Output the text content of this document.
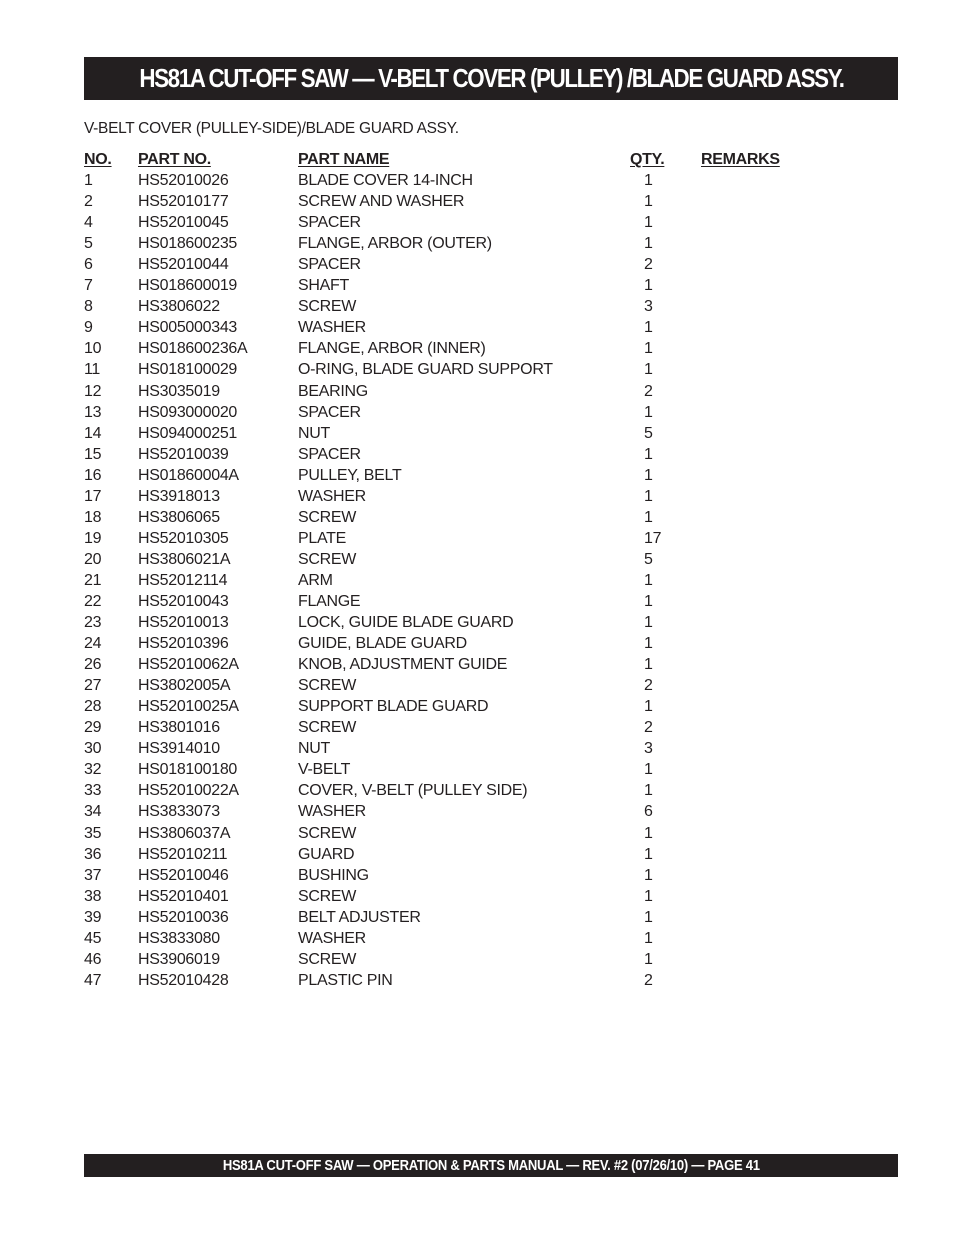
HS81A CUT-OFF SAW — V-BELT COVER (PULLEY) /BLADE GUARD ASSY.
V-BELT COVER (PULLEY-SIDE)/BLADE GUARD ASSY.
NO. PART NO.	PART NAME	QTY.	REMARKS
1	HS52010026	BLADE COVER 14-INCH	1
2	HS52010177	SCREW AND WASHER	1
4	HS52010045	SPACER	1
5	HS018600235	FLANGE, ARBOR (OUTER)	1
6	HS52010044	SPACER	2
7	HS018600019	SHAFT	1
8	HS3806022	SCREW	3
9	HS005000343	WASHER	1
10 HS018600236A	FLANGE, ARBOR (INNER)	1
11 HS018100029	O-RING, BLADE GUARD SUPPORT	1
12 HS3035019	BEARING	2
13 HS093000020	SPACER	1
14 HS094000251	NUT	5
15 HS52010039	SPACER	1
16 HS01860004A	PULLEY, BELT	1
17 HS3918013	WASHER	1
18 HS3806065	SCREW	1
19 HS52010305	PLATE	17
20 HS3806021A	SCREW	5
21 HS52012114	ARM	1
22 HS52010043	FLANGE	1
23 HS52010013	LOCK, GUIDE BLADE GUARD	1
24 HS52010396	GUIDE, BLADE GUARD	1
26 HS52010062A	KNOB, ADJUSTMENT GUIDE	1
27 HS3802005A	SCREW	2
28 HS52010025A	SUPPORT BLADE GUARD	1
29 HS3801016	SCREW	2
30 HS3914010	NUT	3
32 HS018100180	V-BELT	1
33 HS52010022A	COVER, V-BELT (PULLEY SIDE)	1
34 HS3833073	WASHER	6
35 HS3806037A	SCREW	1
36 HS52010211	GUARD	1
37 HS52010046	BUSHING	1
38 HS52010401	SCREW	1
39 HS52010036	BELT ADJUSTER	1
45 HS3833080	WASHER	1
46 HS3906019	SCREW	1
47 HS52010428	PLASTIC PIN	2
HS81A CUT-OFF SAW — OPERATION & PARTS MANUAL — REV. #2 (07/26/10) — PAGE 41
